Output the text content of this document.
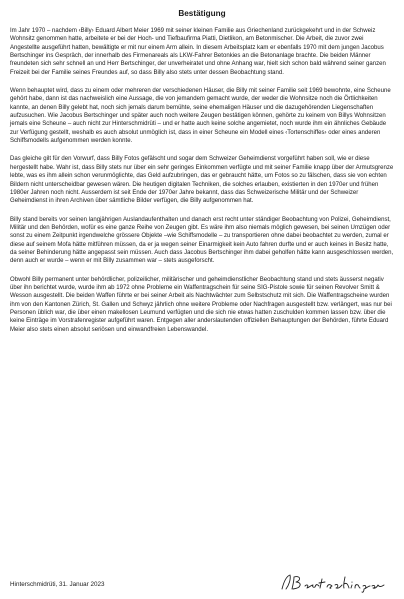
Bestätigung

Im Jahr 1970 – nachdem ‹Billy› Eduard Albert Meier 1969 mit seiner kleinen Familie aus Griechenland zurückgekehrt und in der Schweiz Wohnsitz genommen hatte, arbeitete er bei der Hoch- und Tiefbaufirma Piatti, Dietlikon, am Betonmischer. Die Arbeit, die zuvor zwei Angestellte ausgeführt hatten, bewältigte er mit nur einem Arm allein. In diesem Arbeitsplatz kam er ebenfalls 1970 mit dem jungen Jacobus Bertschinger ins Gespräch, der innerhalb des Firmenareals als LKW-Fahrer Betonkies an die Betonanlage brachte. Die beiden Männer freundeten sich sehr schnell an und Herr Bertschinger, der unverheiratet und ohne Anhang war, hielt sich schon bald während seiner ganzen Freizeit bei der Familie seines Freundes auf, so dass Billy also stets unter dessen Beobachtung stand.

Wenn behauptet wird, dass zu einem oder mehreren der verschiedenen Häuser, die Billy mit seiner Familie seit 1969 bewohnte, eine Scheune gehört habe, dann ist das nachweislich eine Aussage, die von jemandem gemacht wurde, der weder die Wohnsitze noch die Örtlichkeiten kannte, an denen Billy gelebt hat, noch sich jemals darum bemühte, seine ehemaligen Häuser und die dazugehörenden Liegenschaften aufzusuchen. Wie Jacobus Bertschinger und später auch noch weitere Zeugen bestätigen können, gehörte zu keinem von Billys Wohnsitzen jemals eine Scheune – auch nicht zur Hinterschmidrüti – und er hatte auch keine solche angemietet, noch wurde ihm ein ähnliches Gebäude zur Verfügung gestellt, weshalb es auch absolut unmöglich ist, dass in einer Scheune ein Modell eines ‹Tortenschiffes› oder eines anderen Schiffsmodells aufgenommen werden konnte.

Das gleiche gilt für den Vorwurf, dass Billy Fotos gefälscht und sogar dem Schweizer Geheimdienst vorgeführt haben soll, wie er diese hergestellt habe. Wahr ist, dass Billy stets nur über ein sehr geringes Einkommen verfügte und mit seiner Familie knapp über der Armutsgrenze lebte, was es ihm allein schon verunmöglichte, das Geld aufzubringen, das er gebraucht hätte, um Fotos so zu fälschen, dass sie von echten Bildern nicht unterscheidbar gewesen wären. Die heutigen digitalen Techniken, die solches erlauben, existierten in den 1970er und frühen 1980er Jahren noch nicht. Ausserdem ist seit Ende der 1970er Jahre bekannt, dass das Schweizerische Militär und der Schweizer Geheimdienst in ihren Archiven über sämtliche Bilder verfügen, die Billy aufgenommen hat.

Billy stand bereits vor seinen langjährigen Auslandaufenthalten und danach erst recht unter ständiger Beobachtung von Polizei, Geheimdienst, Militär und den Behörden, wofür es eine ganze Reihe von Zeugen gibt. Es wäre ihm also niemals möglich gewesen, bei seinen Umzügen oder sonst zu einem Zeitpunkt irgendwelche grössere Objekte –wie Schiffsmodelle – zu transportieren ohne dabei beobachtet zu werden, zumal er diese auf seinem Mofa hätte mitführen müssen, da er ja wegen seiner Einarmigkeit kein Auto fahren durfte und er auch keines in Besitz hatte, da seiner Behinderung hätte angepasst sein müssen. Auch dass Jacobus Bertschinger ihm dabei geholfen hätte kann ausgeschlossen werden, denn auch er wurde – wenn er mit Billy zusammen war – stets ausgeforscht.

Obwohl Billy permanent unter behördlicher, polizeilicher, militärischer und geheimdienstlicher Beobachtung stand und stets äusserst negativ über ihn berichtet wurde, wurde ihm ab 1972 ohne Probleme ein Waffentragschein für seine SIG-Pistole sowie für seinen Revolver Smitt & Wesson ausgestellt. Die beiden Waffen führte er bei seiner Arbeit als Nachtwächter zum Selbstschutz mit sich. Die Waffentragscheine wurden ihm von den Kantonen Zürich, St. Gallen und Schwyz jährlich ohne weitere Probleme oder Nachfragen ausgestellt bzw. verlängert, was nur bei Personen üblich war, die über einen makellosen Leumund verfügten und die sich nie etwas hatten zuschulden kommen lassen bzw. über die keine Einträge im Vorstrafenregister aufgeführt waren. Entgegen aller anderslautenden offiziellen Behauptungen der Behörden, führte Eduard Meier also stets einen absolut seriösen und einwandfreien Lebenswandel.

Hinterschmidrüti, 31. Januar 2023
